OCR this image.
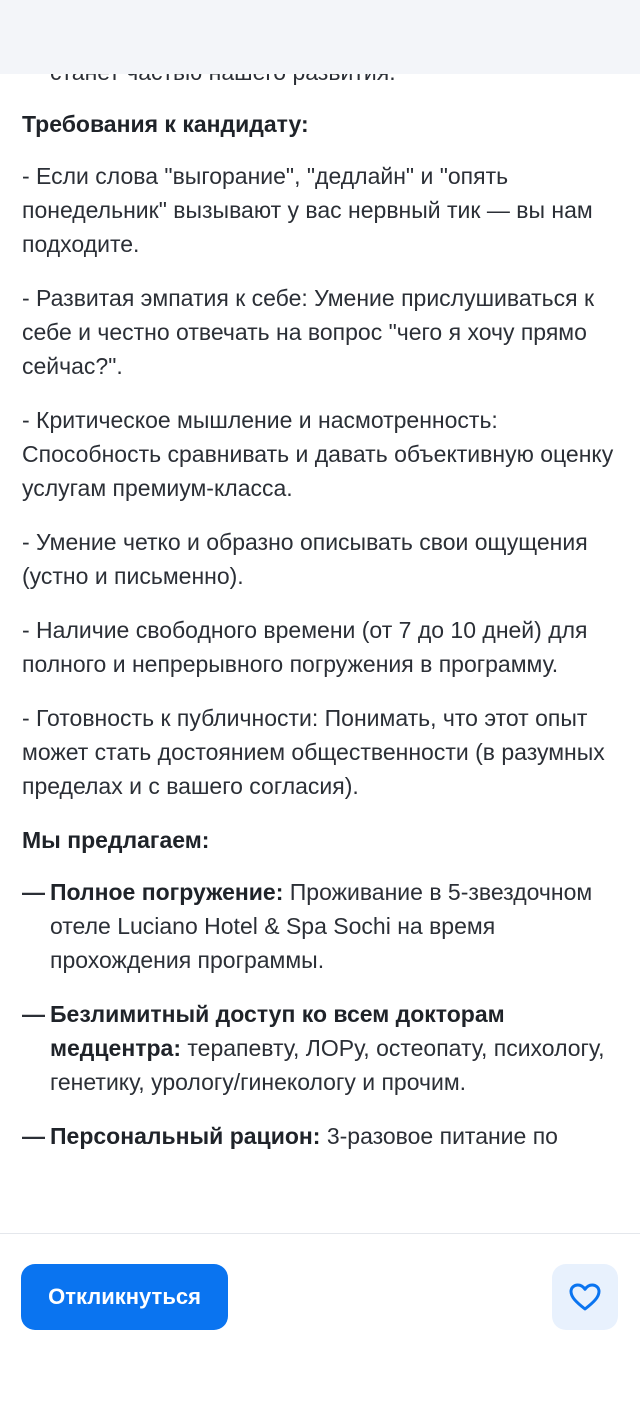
Требования к кандидату:
- Если слова "выгорание", "дедлайн" и "опять понедельник" вызывают у вас нервный тик — вы нам подходите.
- Развитая эмпатия к себе: Умение прислушиваться к себе и честно отвечать на вопрос "чего я хочу прямо сейчас?".
- Критическое мышление и насмотренность: Способность сравнивать и давать объективную оценку услугам премиум-класса.
- Умение четко и образно описывать свои ощущения (устно и письменно).
- Наличие свободного времени (от 7 до 10 дней) для полного и непрерывного погружения в программу.
- Готовность к публичности: Понимать, что этот опыт может стать достоянием общественности (в разумных пределах и с вашего согласия).
Мы предлагаем:
— Полное погружение: Проживание в 5-звездочном отеле Luciano Hotel & Spa Sochi на время прохождения программы.
— Безлимитный доступ ко всем докторам медцентра: терапевту, ЛОРу, остеопату, психологу, генетику, урологу/гинекологу и прочим.
— Персональный рацион: 3-разовое питание по
Откликнуться
